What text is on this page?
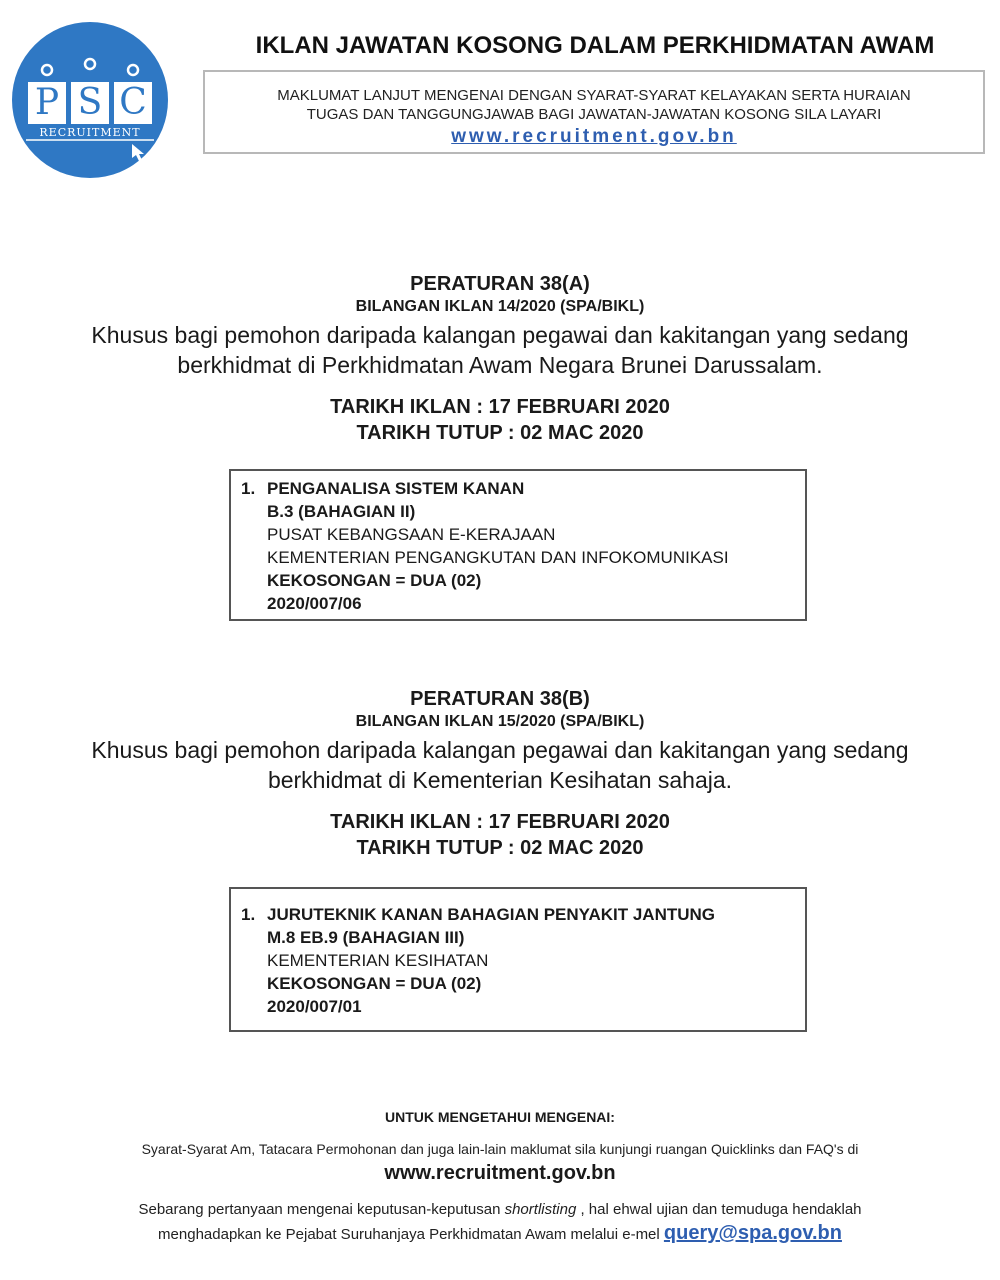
P S C
RECRUITMENT
IKLAN JAWATAN KOSONG DALAM PERKHIDMATAN AWAM
MAKLUMAT LANJUT MENGENAI DENGAN SYARAT-SYARAT KELAYAKAN SERTA HURAIAN
TUGAS DAN TANGGUNGJAWAB BAGI JAWATAN-JAWATAN KOSONG SILA LAYARI
www.recruitment.gov.bn
PERATURAN 38(A)
BILANGAN IKLAN 14/2020 (SPA/BIKL)
Khusus bagi pemohon daripada kalangan pegawai dan kakitangan yang sedang
berkhidmat di Perkhidmatan Awam Negara Brunei Darussalam.
TARIKH IKLAN : 17 FEBRUARI 2020
TARIKH TUTUP : 02 MAC 2020
1. PENGANALISA SISTEM KANAN
B.3 (BAHAGIAN II)
PUSAT KEBANGSAAN E-KERAJAAN
KEMENTERIAN PENGANGKUTAN DAN INFOKOMUNIKASI
KEKOSONGAN = DUA (02)
2020/007/06
PERATURAN 38(B)
BILANGAN IKLAN 15/2020 (SPA/BIKL)
Khusus bagi pemohon daripada kalangan pegawai dan kakitangan yang sedang
berkhidmat di Kementerian Kesihatan sahaja.
TARIKH IKLAN : 17 FEBRUARI 2020
TARIKH TUTUP : 02 MAC 2020
1. JURUTEKNIK KANAN BAHAGIAN PENYAKIT JANTUNG
M.8 EB.9 (BAHAGIAN III)
KEMENTERIAN KESIHATAN
KEKOSONGAN = DUA (02)
2020/007/01
UNTUK MENGETAHUI MENGENAI:
Syarat-Syarat Am, Tatacara Permohonan dan juga lain-lain maklumat sila kunjungi ruangan Quicklinks dan FAQ's di
www.recruitment.gov.bn
Sebarang pertanyaan mengenai keputusan-keputusan shortlisting , hal ehwal ujian dan temuduga hendaklah
menghadapkan ke Pejabat Suruhanjaya Perkhidmatan Awam melalui e-mel query@spa.gov.bn
